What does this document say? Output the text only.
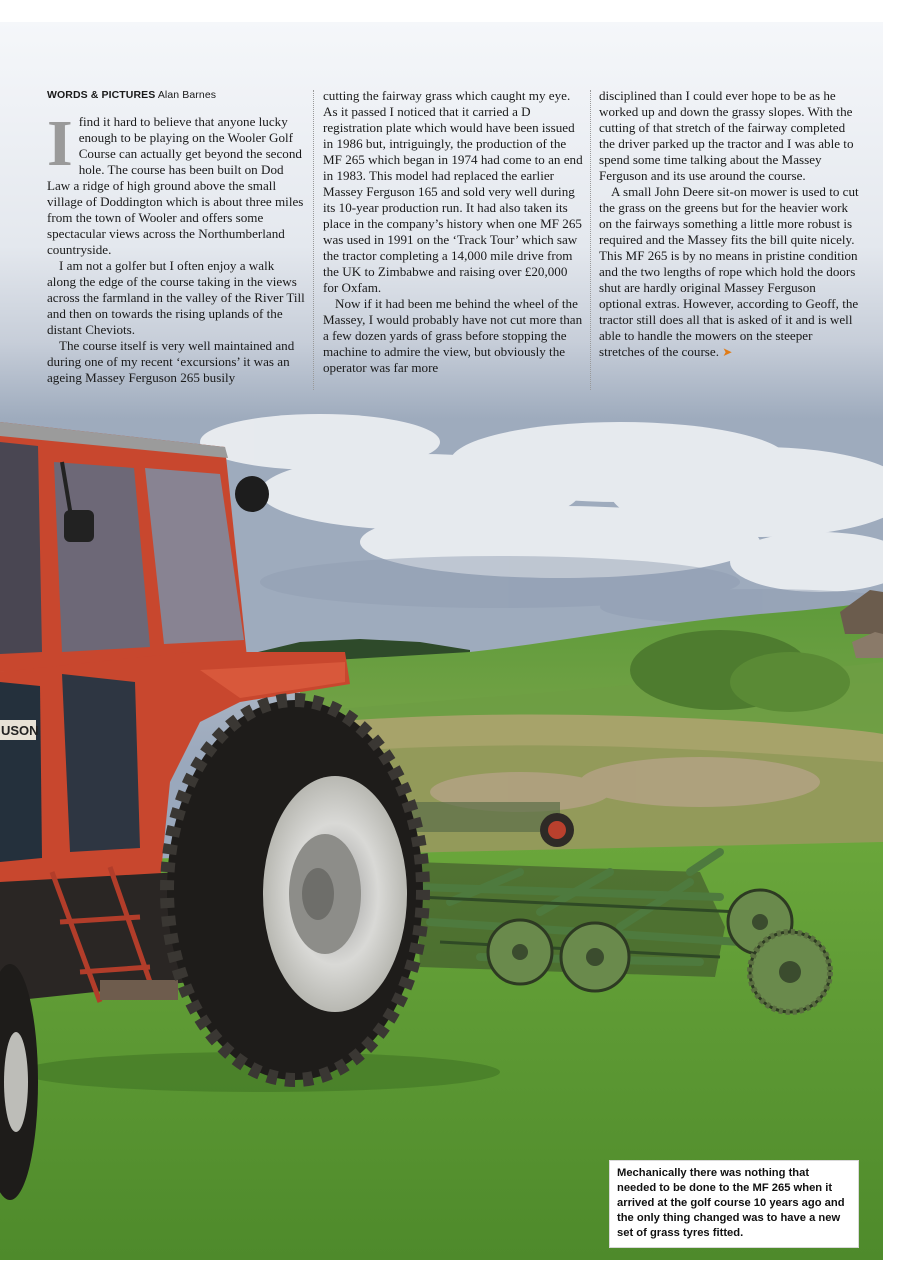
USON
WORDS & PICTURES Alan Barnes

I find it hard to believe that anyone lucky enough to be playing on the Wooler Golf Course can actually get beyond the second hole. The course has been built on Dod Law a ridge of high ground above the small village of Doddington which is about three miles from the town of Wooler and offers some spectacular views across the Northumberland countryside.

I am not a golfer but I often enjoy a walk along the edge of the course taking in the views across the farmland in the valley of the River Till and then on towards the rising uplands of the distant Cheviots.

The course itself is very well maintained and during one of my recent ‘excursions’ it was an ageing Massey Ferguson 265 busily

cutting the fairway grass which caught my eye. As it passed I noticed that it carried a D registration plate which would have been issued in 1986 but, intriguingly, the production of the MF 265 which began in 1974 had come to an end in 1983. This model had replaced the earlier Massey Ferguson 165 and sold very well during its 10-year production run. It had also taken its place in the company’s history when one MF 265 was used in 1991 on the ‘Track Tour’ which saw the tractor completing a 14,000 mile drive from the UK to Zimbabwe and raising over £20,000 for Oxfam.

Now if it had been me behind the wheel of the Massey, I would probably have not cut more than a few dozen yards of grass before stopping the machine to admire the view, but obviously the operator was far more

disciplined than I could ever hope to be as he worked up and down the grassy slopes. With the cutting of that stretch of the fairway completed the driver parked up the tractor and I was able to spend some time talking about the Massey Ferguson and its use around the course.

A small John Deere sit-on mower is used to cut the grass on the greens but for the heavier work on the fairways something a little more robust is required and the Massey fits the bill quite nicely. This MF 265 is by no means in pristine condition and the two lengths of rope which hold the doors shut are hardly original Massey Ferguson optional extras. However, according to Geoff, the tractor still does all that is asked of it and is well able to handle the mowers on the steeper stretches of the course. ➤

Mechanically there was nothing that needed to be done to the MF 265 when it arrived at the golf course 10 years ago and the only thing changed was to have a new set of grass tyres fitted.
